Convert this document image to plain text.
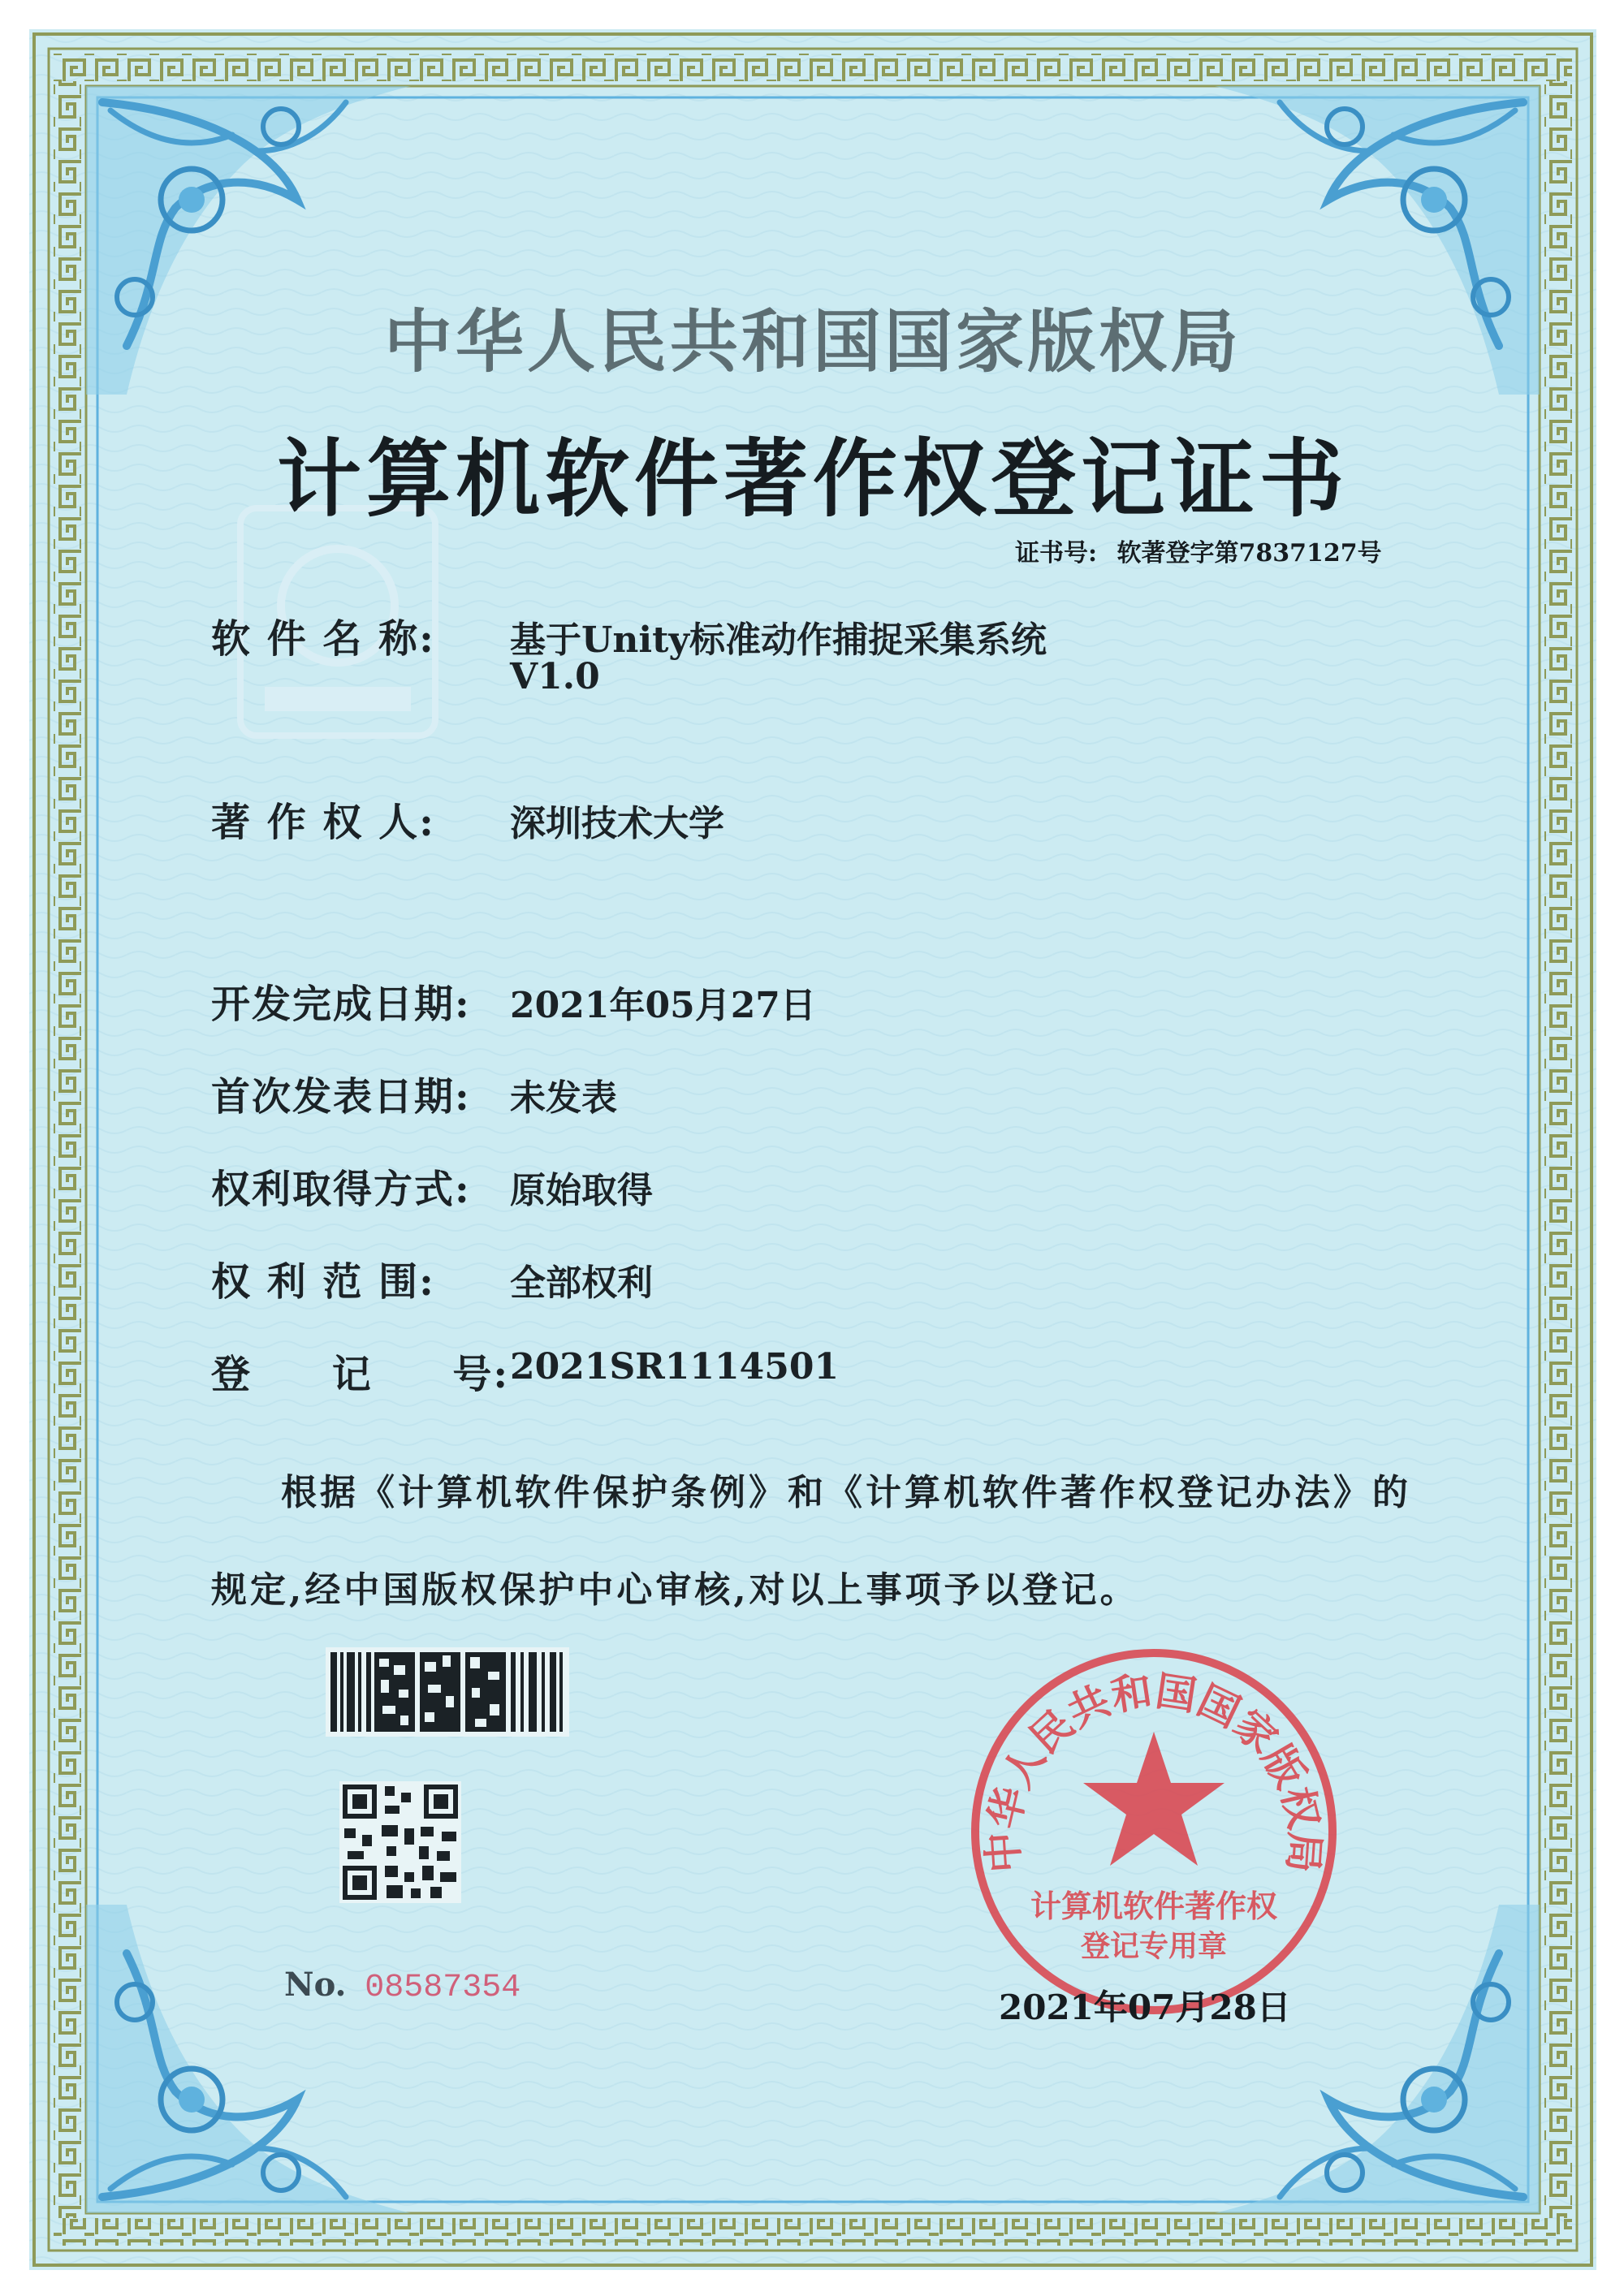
中华人民共和国国家版权局

计算机软件著作权登记证书

证书号: 软著登字第7837127号

软 件 名 称: 基于Unity标准动作捕捉采集系统

V1.0

著 作 权 人: 深圳技术大学

开发完成日期: 2021年05月27日

首次发表日期: 未发表

权利取得方式: 原始取得

权 利 范 围: 全部权利

登 记 号: 2021SR1114501

根据《计算机软件保护条例》和《计算机软件著作权登记办法》的

规定,经中国版权保护中心审核,对以上事项予以登记。

No. 08587354

中华人民共和国国家版权局
计算机软件著作权
登记专用章

2021年07月28日
